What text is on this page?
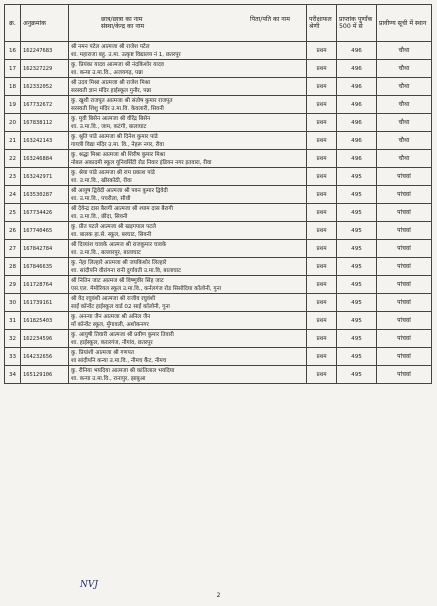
क्र.	अनुक्रमांक	छात्र/छात्रा का नाम पिता/पति का नाम
संस्था/केन्द्र का नाम	परीक्षाफल श्रेणी	प्राप्तांक पूर्णांक 500 में से	प्रावीण्य सूची में स्थान
16	162247683	श्री नमन पटेल आत्मजा श्री राजेश पटेल
शा. महाराजा बहु. उ.मा. उत्कृष्ट विद्यालय नं 1, छतरपुर	प्रथम	496	चौथा
17	162327229	कु. प्रियंका यादव आत्मजा श्री नंदकिशोर यादव
शा. कन्या उ.मा.वि., अजयगढ़, पन्ना	प्रथम	496	चौथा
18	162332052	श्री उदय मिश्रा आत्मजा श्री राजेश मिश्रा
सरस्वती ज्ञान मंदिर हाईस्कूल गुनौर, पन्ना	प्रथम	496	चौथा
19	167732672	कु. खुशी राजपूत आत्मजा श्री संतोष कुमार राजपूत
सरस्वती शिशु मंदिर उ.मा.वि. केवलारी, सिवनी	प्रथम	496	चौथा
20	167838112	कु. मुवी बिसेन आत्मजा श्री वीरेंद्र बिसेन
शा. उ.मा.वि., जाम, कटंगी, बालाघाट	प्रथम	496	चौथा
21	163242143	कु. श्रुति पांडे आत्मजा श्री दिनेश कुमार पांडे
गायत्री विद्या मंदिर उ.मा. वि., नेहरू नगर, रीवा	प्रथम	496	चौथा
22	163246884	कु. श्रद्धा मिश्रा आत्मजा श्री शिरीष कुमार मिश्रा
नोबल अकादमी स्कूल यूनिवर्सिटी रोड निवार इंडियन नगर इतवारा, रीवा	प्रथम	496	चौथा
23	163242971	कु. श्रेया पांडे आत्मजा श्री राम प्रकाश पांडे
शा. उ.मा.वि., खीरकोठी, रीवा	प्रथम	495	पांचवां
24	163530287	श्री आयुष द्विवेदी आत्मजा श्री पवन कुमार द्विवेदी
शा. उ.मा.वि., पचरौला, सीधी	प्रथम	495	पांचवां
25	167734426	श्री देवेन्द्र दास बैरागी आत्मजा श्री श्याम दास बैरागी
शा. उ.मा.वि., छींदा, सिवनी	प्रथम	495	पांचवां
26	167740465	कु. प्रीत पटले आत्मजा श्री खड़गपाल पटले
शा. बालक हा.से. स्कूल, बरघाट, सिवनी	प्रथम	495	पांचवां
27	167842784	श्री दिव्यांश चावके आत्मज श्री राजकुमार चावके
शा. उ.मा.वि., बल्लारपुर, बालाघाट	प्रथम	495	पांचवां
28	167846635	कु. नेहा लिल्हारे आत्मजा श्री जयकिशोर लिल्हारे
शा. सांदीपनि वीरांगना रानी दुर्गावती उ.मा.वि, बालाघाट	प्रथम	495	पांचवां
29	161728764	श्री नितिन जाट आत्मज श्री विष्णुवीर सिंह जाट
एस.एल. मेमोरियल स्कूल उ.मा.वि., कर्नलगंज रोड सिसोदिया कॉलोनी, गुना	प्रथम	495	पांचवां
30	161739161	श्री वेद रघुवंशी आत्मजा श्री राजीव रघुवंशी
साईं कॉन्वेंट हाईस्कूल वार्ड 02 साईं कॉलोनी, गुना	प्रथम	495	पांचवां
31	161825403	कु. अनन्या जैन आत्मजा श्री अनिल जैन
माँ कॉन्वेंट स्कूल, मुँगावली, अशोकनगर	प्रथम	495	पांचवां
32	162234596	कु. आयुषी तिवारी आत्मजा श्री प्रवीण कुमार तिवारी
शा. हाईस्कूल, करारगंज, नौगांव, छतरपुर	प्रथम	495	पांचवां
33	164232656	कु. प्रियांशी आत्मजा श्री गणपत
शा सांदीपनि कन्या उ.मा.वि., नीमच कैंट, नीमच	प्रथम	495	पांचवां
34	165129106	कु. रौनिया भयदिया आत्मजा श्री कांतिलाल भयदिया
शा. कन्या उ.मा.वि., रानापुर, झाबुआ	प्रथम	495	पांचवां
NVJ
2
